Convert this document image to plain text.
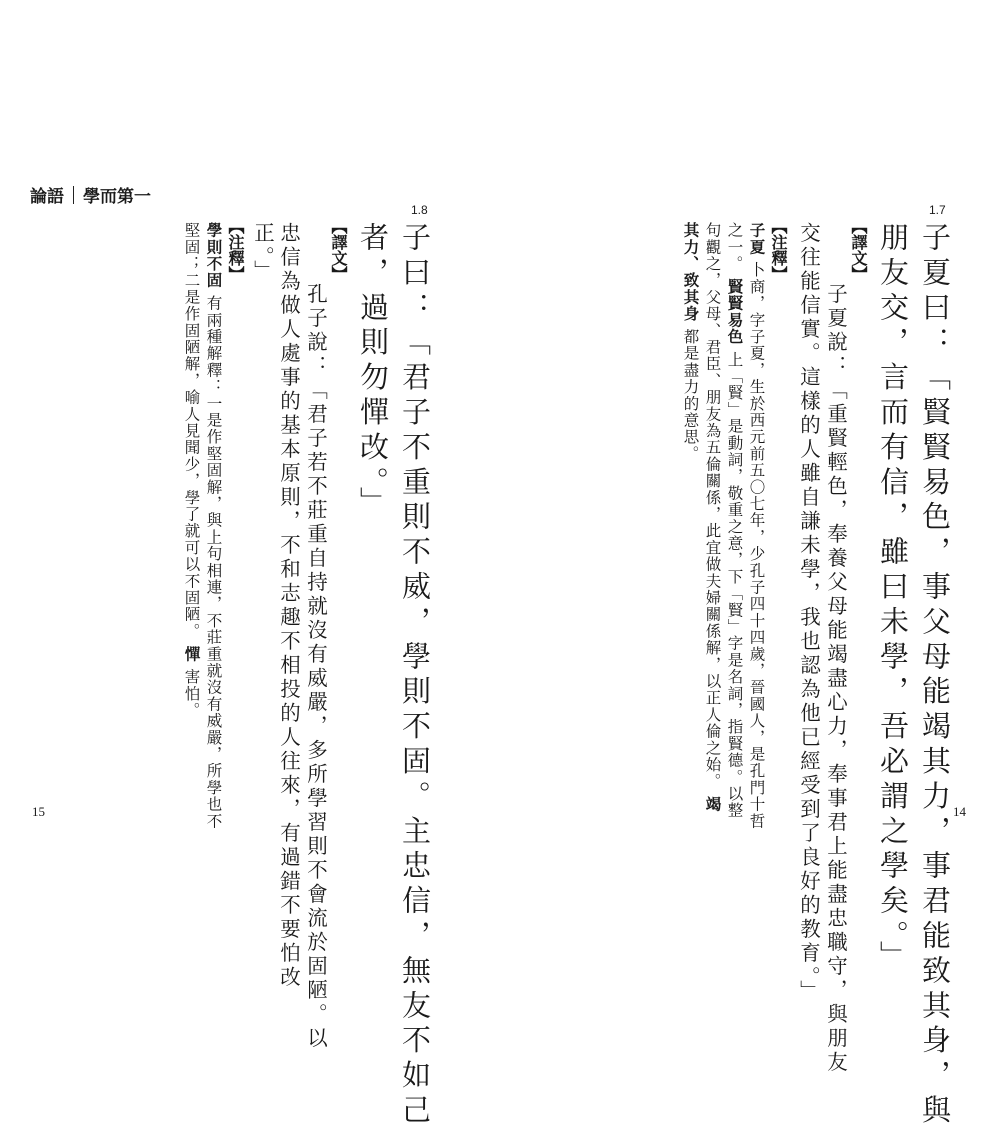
論語 學而第一
1.8
子曰：「君子不重則不威，學則不固。主忠信，無友不如己
者，過則勿憚改。」
【譯文】
孔子說：「君子若不莊重自持就沒有威嚴，多所學習則不會流於固陋。以
忠信為做人處事的基本原則，不和志趣不相投的人往來，有過錯不要怕改
正。」
【注釋】
學則不固 有兩種解釋：一是作堅固解，與上句相連，不莊重就沒有威嚴，所學也不
堅固；二是作固陋解，喻人見聞少，學了就可以不固陋。 憚 害怕。
15
1.7
子夏曰：「賢賢易色，事父母能竭其力，事君能致其身，與
朋友交，言而有信，雖曰未學，吾必謂之學矣。」
【譯文】
子夏說：「重賢輕色，奉養父母能竭盡心力，奉事君上能盡忠職守，與朋友
交往能信實。這樣的人雖自謙未學，我也認為他已經受到了良好的教育。」
【注釋】
子夏 卜商，字子夏，生於西元前五〇七年，少孔子四十四歲，晉國人，是孔門十哲
之一。 賢賢易色 上「賢」是動詞，敬重之意，下「賢」字是名詞，指賢德。以整
句觀之，父母、君臣、朋友為五倫關係，此宜做夫婦關係解，以正人倫之始。 竭
其力、致其身 都是盡力的意思。
14
